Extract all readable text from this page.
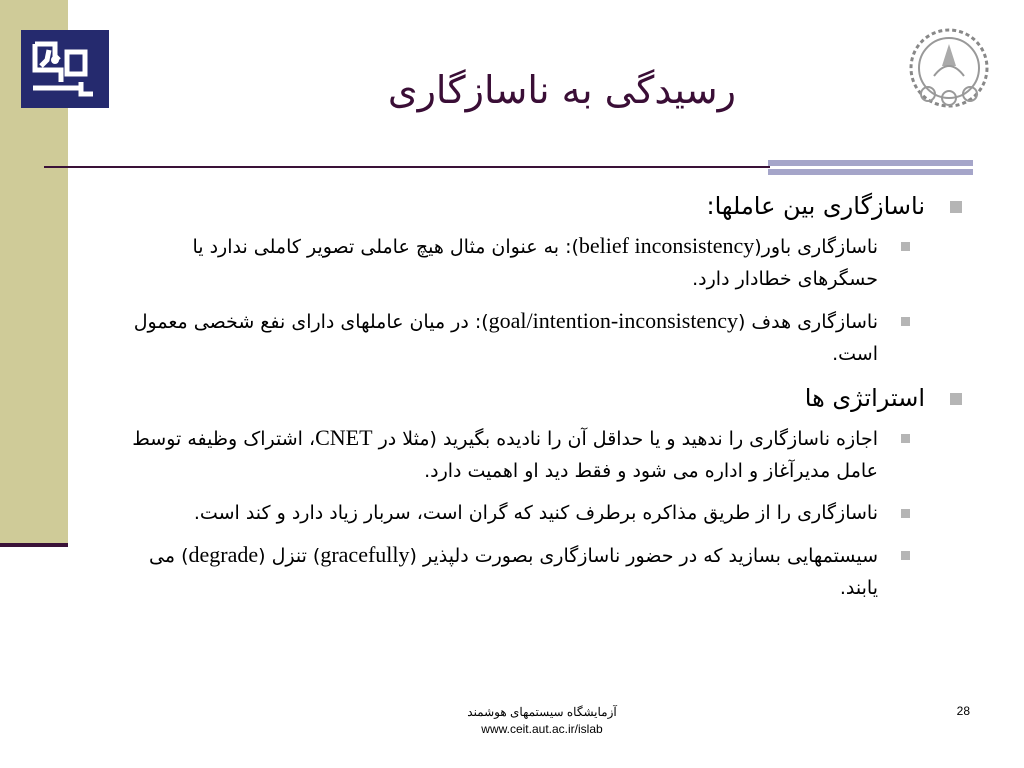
رسیدگی به ناسازگاری
ناسازگاری بین عاملها:
ناسازگاری باور(belief inconsistency): به عنوان مثال هیچ عاملی تصویر کاملی ندارد یا حسگرهای خطادار دارد.
ناسازگاری هدف (goal/intention-inconsistency): در میان عاملهای دارای نفع شخصی معمول است.
استراتژی ها
اجازه ناسازگاری را ندهید و یا حداقل آن را نادیده بگیرید (مثلا در CNET، اشتراک وظیفه توسط عامل مدیرآغاز و اداره می شود و فقط دید او اهمیت دارد.
ناسازگاری را از طریق مذاکره برطرف کنید که گران است، سربار زیاد دارد و کند است.
سیستمهایی بسازید که در حضور ناسازگاری بصورت دلپذیر (gracefully) تنزل (degrade) می یابند.
آزمایشگاه سیستمهای هوشمند
www.ceit.aut.ac.ir/islab
28
